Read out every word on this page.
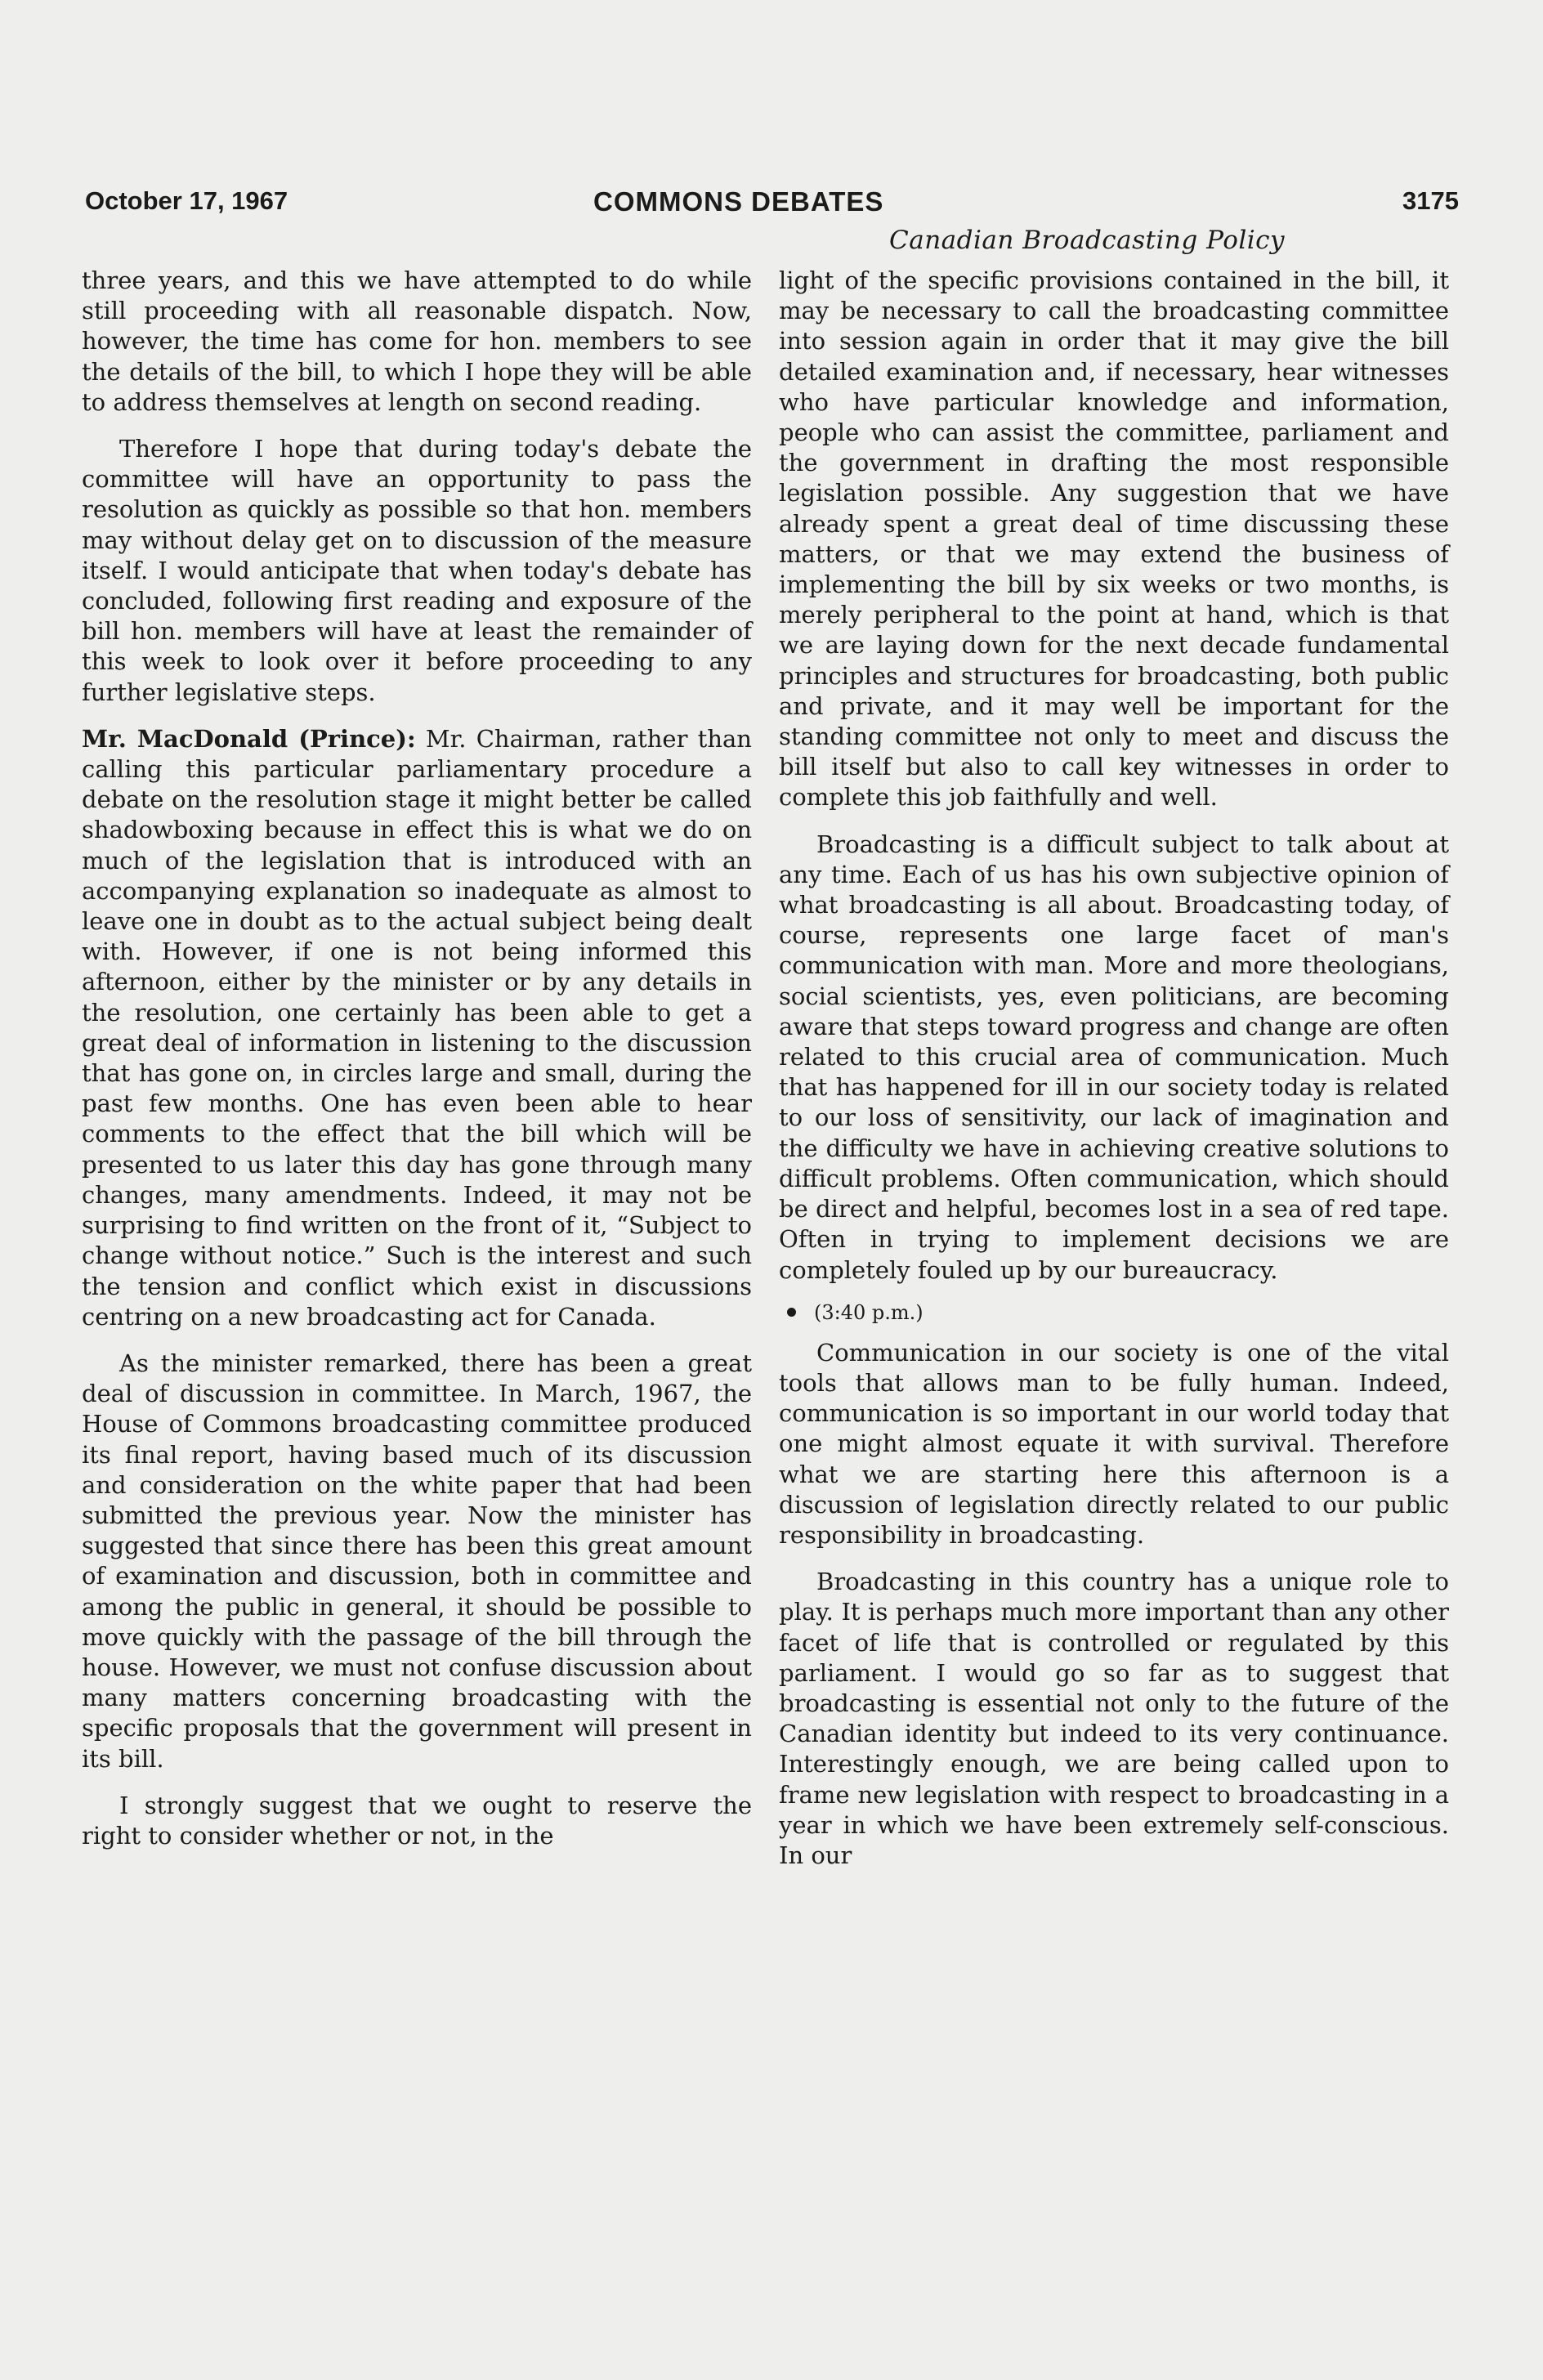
October 17, 1967	COMMONS DEBATES	3175
Canadian Broadcasting Policy

three years, and this we have attempted to do while still proceeding with all reasonable dispatch. Now, however, the time has come for hon. members to see the details of the bill, to which I hope they will be able to address themselves at length on second reading.

Therefore I hope that during today's debate the committee will have an opportunity to pass the resolution as quickly as possible so that hon. members may without delay get on to discussion of the measure itself. I would anticipate that when today's debate has concluded, following first reading and exposure of the bill hon. members will have at least the remainder of this week to look over it before proceeding to any further legislative steps.

Mr. MacDonald (Prince): Mr. Chairman, rather than calling this particular parliamentary procedure a debate on the resolution stage it might better be called shadowboxing because in effect this is what we do on much of the legislation that is introduced with an accompanying explanation so inadequate as almost to leave one in doubt as to the actual subject being dealt with. However, if one is not being informed this afternoon, either by the minister or by any details in the resolution, one certainly has been able to get a great deal of information in listening to the discussion that has gone on, in circles large and small, during the past few months. One has even been able to hear comments to the effect that the bill which will be presented to us later this day has gone through many changes, many amendments. Indeed, it may not be surprising to find written on the front of it, “Subject to change without notice.” Such is the interest and such the tension and conflict which exist in discussions centring on a new broadcasting act for Canada.

As the minister remarked, there has been a great deal of discussion in committee. In March, 1967, the House of Commons broadcasting committee produced its final report, having based much of its discussion and consideration on the white paper that had been submitted the previous year. Now the minister has suggested that since there has been this great amount of examination and discussion, both in committee and among the public in general, it should be possible to move quickly with the passage of the bill through the house. However, we must not confuse discussion about many matters concerning broadcasting with the specific proposals that the government will present in its bill.

I strongly suggest that we ought to reserve the right to consider whether or not, in the

light of the specific provisions contained in the bill, it may be necessary to call the broadcasting committee into session again in order that it may give the bill detailed examination and, if necessary, hear witnesses who have particular knowledge and information, people who can assist the committee, parliament and the government in drafting the most responsible legislation possible. Any suggestion that we have already spent a great deal of time discussing these matters, or that we may extend the business of implementing the bill by six weeks or two months, is merely peripheral to the point at hand, which is that we are laying down for the next decade fundamental principles and structures for broadcasting, both public and private, and it may well be important for the standing committee not only to meet and discuss the bill itself but also to call key witnesses in order to complete this job faithfully and well.

Broadcasting is a difficult subject to talk about at any time. Each of us has his own subjective opinion of what broadcasting is all about. Broadcasting today, of course, represents one large facet of man's communication with man. More and more theologians, social scientists, yes, even politicians, are becoming aware that steps toward progress and change are often related to this crucial area of communication. Much that has happened for ill in our society today is related to our loss of sensitivity, our lack of imagination and the difficulty we have in achieving creative solutions to difficult problems. Often communication, which should be direct and helpful, becomes lost in a sea of red tape. Often in trying to implement decisions we are completely fouled up by our bureaucracy.

(3:40 p.m.)

Communication in our society is one of the vital tools that allows man to be fully human. Indeed, communication is so important in our world today that one might almost equate it with survival. Therefore what we are starting here this afternoon is a discussion of legislation directly related to our public responsibility in broadcasting.

Broadcasting in this country has a unique role to play. It is perhaps much more important than any other facet of life that is controlled or regulated by this parliament. I would go so far as to suggest that broadcasting is essential not only to the future of the Canadian identity but indeed to its very continuance. Interestingly enough, we are being called upon to frame new legislation with respect to broadcasting in a year in which we have been extremely self-conscious. In our
